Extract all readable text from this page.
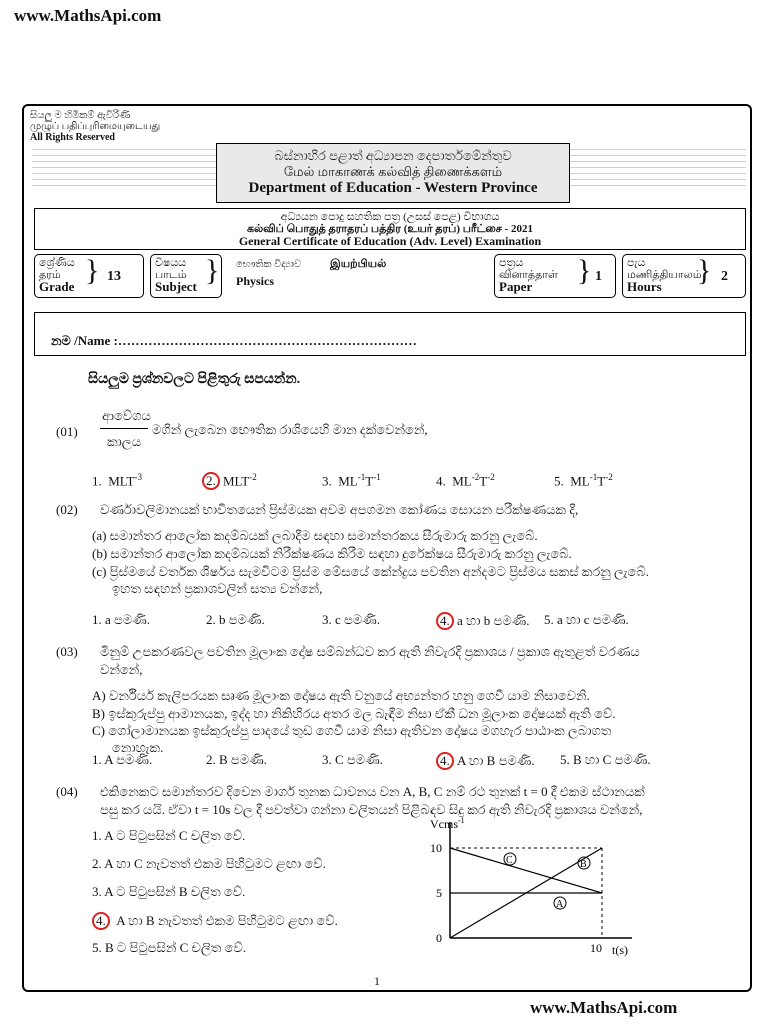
www.MathsApi.com
සියලු ම හිමිකම් ඇවිරිණි
முழுப் பதிப்புரிமையுடையது
All Rights Reserved
බස්නාහිර පළාත් අධ්‍යාපන දෙපාර්තමේන්තුව
மேல் மாகாணக் கல்வித் திணைக்களம்
Department of Education - Western Province
අධ්‍යයන පොදු සහතික පත්‍ර (උසස් පෙළ) විභාගය
கல்விப் பொதுத் தராதரப் பத்திர (உயர் தரப்) பரீட்சை - 2021
General Certificate of Education (Adv. Level) Examination
ශ්‍රේණිය
தரம்
Grade } 13
විෂයය
பாடம்
Subject } භෞතික විද්‍යාව	இயற்பியல்
Physics
පත්‍රය
வினாத்தாள்
Paper	} 1
පැය
மணித்தியாலம்
Hours	} 2
නම /Name :……………………………………………………………
සියලුම ප්‍රශ්නවලට පිළිතුරු සපයන්න.
(01)
ආවේගය
කාලය
මගින් ලැබෙන භෞතික රාශියෙහි මාන දක්වෙන්නේ,
1. $MLT^{-3}$	2. $MLT^{-2}$	3. $ML^{-1}T^{-1}$	4. $ML^{-2}T^{-2}$	5. $ML^{-1}T^{-2}$
(02) වර්ණාවලිමානයක් භාවිතයෙන් ප්‍රිස්මයක අවම අපගමන කෝණය සොයන පරීක්ෂණයක දී,
(a) සමාන්තර ආලෝක කදම්බයක් ලබාදීම සඳහා සමාන්තරකය සීරුමාරු කරනු ලැබේ.
(b) සමාන්තර ආලෝක කදම්බයක් නිරීක්ෂණය කිරීම සඳහා දුරේක්ෂය සීරුමාරු කරනු ලැබේ.
(c) ප්‍රිස්මයේ වර්තක ශීර්ෂය සැමවිටම ප්‍රිස්ම මේසයේ කේන්ද්‍රය පවතින අන්දමට ප්‍රිස්මය සකස් කරනු ලැබේ.
ඉහත සඳහන් ප්‍රකාශවලින් සත්‍ය වන්නේ,
1. a පමණි.	2. b පමණි.	3. c පමණි.	4. a හා b පමණි. 5. a හා c පමණි.
(03) මිනුම් උපකරණවල පවතින මූලාංක දෝෂ සම්බන්ධව කර ඇති නිවැරදි ප්‍රකාශය / ප්‍රකාශ ඇතුළත් වරණය
වන්නේ,
A) වර්නියර් කැලිපරයක සෘණ මූලාංක දෝෂය ඇති වනුයේ අභ්‍යන්තර හනු ගෙවී යාම නිසාවෙනි.
B) ඉස්කුරුප්පු ආමානයක, ඉද්ද හා නිකිහිරය අතර මල බැඳීම නිසා ඒකී ධන මූලාංක දෝෂයක් ඇති වේ.
C) ගෝලාමානයක ඉස්කුරුප්පු පාදයේ තුඩ ගෙවී යාම නිසා ඇතිවන දෝෂය මගහැර පාඨාංක ලබාගත
නොහැක.
1. A පමණි.	2. B පමණි.	3. C පමණි.	4. A හා B පමණි. 5. B හා C පමණි.
(04) එකිනෙකට සමාන්තරව දිවෙන මාර්ග තුනක ධාවනය වන A, B, C නම් රථ තුනක් t = 0 දී එකම ස්ථානයක්
පසු කර යයි. ඒවා t = 10s වල දී පවත්වා ගන්නා චලිතයන් පිළිබඳව සිදු කර ඇති නිවැරදි ප්‍රකාශය වන්නේ,
1. A ට පිටුපසින් C චලිත වේ.
2. A හා C නැවතත් එකම පිහිටුමට ළඟා වේ.
3. A ට පිටුපසින් B චලිත වේ.
4. A හා B නැවතත් එකම පිහිටුමට ළඟා වේ.
5. B ට පිටුපසින් C චලිත වේ.
Vcms$^{-1}$
10
5
0
10 t(s)
C	B
A
1
www.MathsApi.com
